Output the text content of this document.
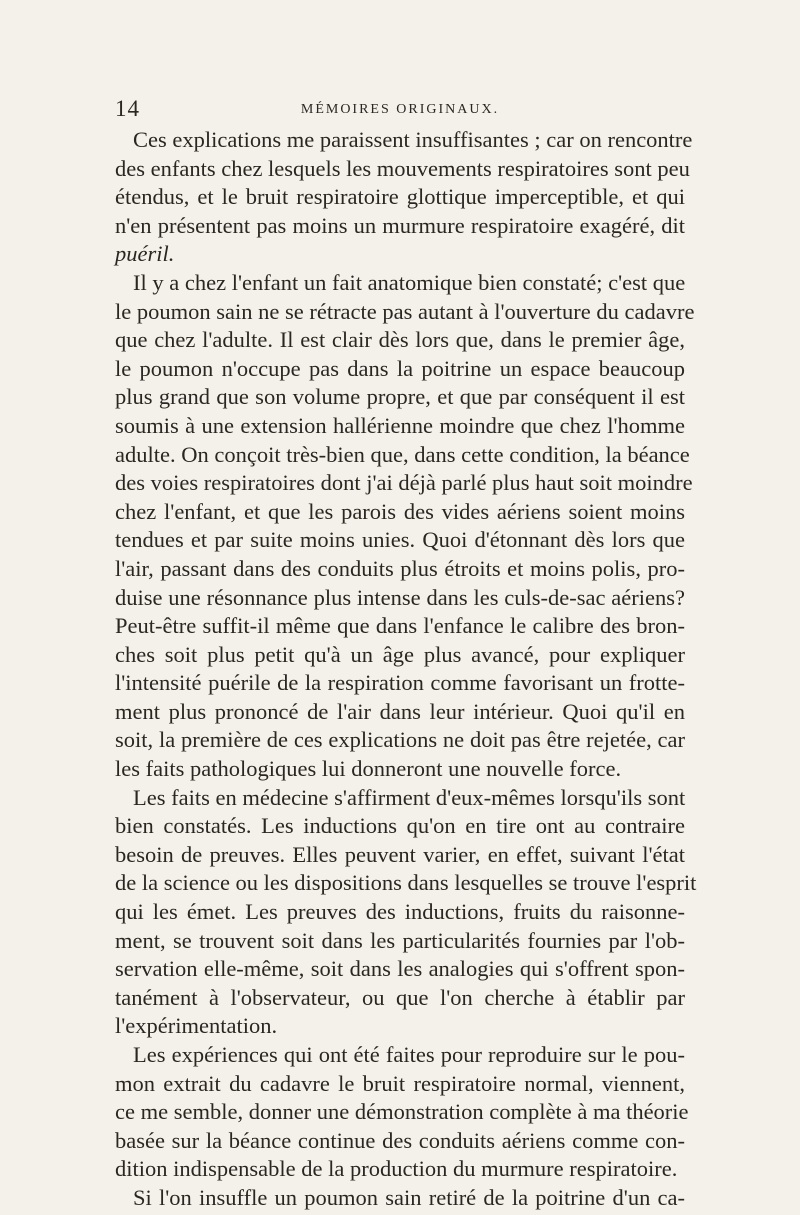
14	MÉMOIRES ORIGINAUX.
Ces explications me paraissent insuffisantes ; car on rencontre
des enfants chez lesquels les mouvements respiratoires sont peu
étendus, et le bruit respiratoire glottique imperceptible, et qui
n'en présentent pas moins un murmure respiratoire exagéré, dit
puéril.
Il y a chez l'enfant un fait anatomique bien constaté; c'est que
le poumon sain ne se rétracte pas autant à l'ouverture du cadavre
que chez l'adulte. Il est clair dès lors que, dans le premier âge,
le poumon n'occupe pas dans la poitrine un espace beaucoup
plus grand que son volume propre, et que par conséquent il est
soumis à une extension hallérienne moindre que chez l'homme
adulte. On conçoit très-bien que, dans cette condition, la béance
des voies respiratoires dont j'ai déjà parlé plus haut soit moindre
chez l'enfant, et que les parois des vides aériens soient moins
tendues et par suite moins unies. Quoi d'étonnant dès lors que
l'air, passant dans des conduits plus étroits et moins polis, pro-
duise une résonnance plus intense dans les culs-de-sac aériens?
Peut-être suffit-il même que dans l'enfance le calibre des bron-
ches soit plus petit qu'à un âge plus avancé, pour expliquer
l'intensité puérile de la respiration comme favorisant un frotte-
ment plus prononcé de l'air dans leur intérieur. Quoi qu'il en
soit, la première de ces explications ne doit pas être rejetée, car
les faits pathologiques lui donneront une nouvelle force.
Les faits en médecine s'affirment d'eux-mêmes lorsqu'ils sont
bien constatés. Les inductions qu'on en tire ont au contraire
besoin de preuves. Elles peuvent varier, en effet, suivant l'état
de la science ou les dispositions dans lesquelles se trouve l'esprit
qui les émet. Les preuves des inductions, fruits du raisonne-
ment, se trouvent soit dans les particularités fournies par l'ob-
servation elle-même, soit dans les analogies qui s'offrent spon-
tanément à l'observateur, ou que l'on cherche à établir par
l'expérimentation.
Les expériences qui ont été faites pour reproduire sur le pou-
mon extrait du cadavre le bruit respiratoire normal, viennent,
ce me semble, donner une démonstration complète à ma théorie
basée sur la béance continue des conduits aériens comme con-
dition indispensable de la production du murmure respiratoire.
Si l'on insuffle un poumon sain retiré de la poitrine d'un ca-
